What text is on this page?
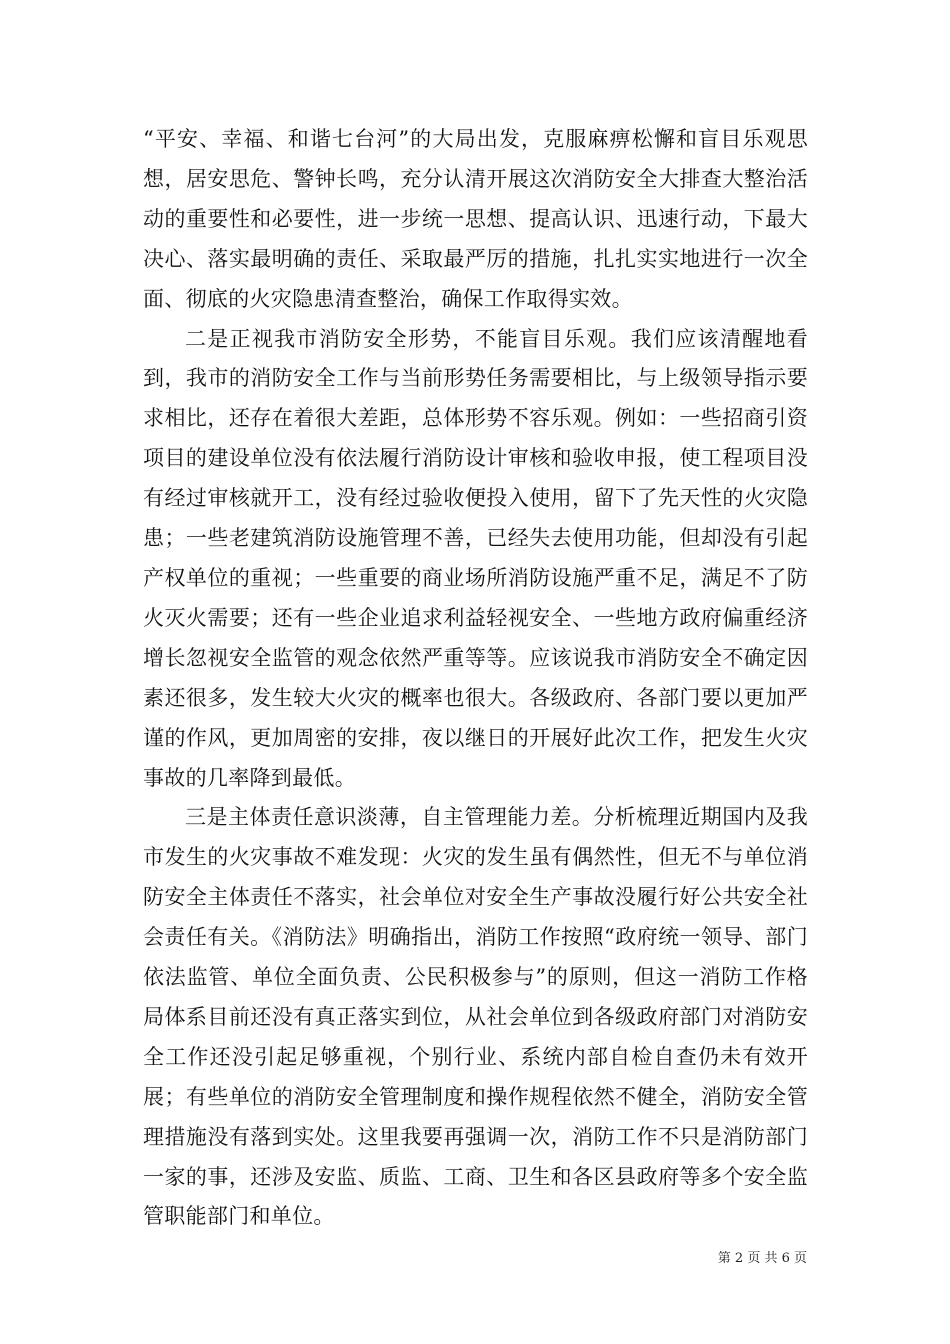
“平安、幸福、和谐七台河”的大局出发，克服麻痹松懈和盲目乐观思想，居安思危、警钟长鸣，充分认清开展这次消防安全大排查大整治活动的重要性和必要性，进一步统一思想、提高认识、迅速行动，下最大决心、落实最明确的责任、采取最严厉的措施，扎扎实实地进行一次全面、彻底的火灾隐患清查整治，确保工作取得实效。

二是正视我市消防安全形势，不能盲目乐观。我们应该清醒地看到，我市的消防安全工作与当前形势任务需要相比，与上级领导指示要求相比，还存在着很大差距，总体形势不容乐观。例如：一些招商引资项目的建设单位没有依法履行消防设计审核和验收申报，使工程项目没有经过审核就开工，没有经过验收便投入使用，留下了先天性的火灾隐患；一些老建筑消防设施管理不善，已经失去使用功能，但却没有引起产权单位的重视；一些重要的商业场所消防设施严重不足，满足不了防火灭火需要；还有一些企业追求利益轻视安全、一些地方政府偏重经济增长忽视安全监管的观念依然严重等等。应该说我市消防安全不确定因素还很多，发生较大火灾的概率也很大。各级政府、各部门要以更加严谨的作风，更加周密的安排，夜以继日的开展好此次工作，把发生火灾事故的几率降到最低。

三是主体责任意识淡薄，自主管理能力差。分析梳理近期国内及我市发生的火灾事故不难发现：火灾的发生虽有偶然性，但无不与单位消防安全主体责任不落实，社会单位对安全生产事故没履行好公共安全社会责任有关。《消防法》明确指出，消防工作按照“政府统一领导、部门依法监管、单位全面负责、公民积极参与”的原则，但这一消防工作格局体系目前还没有真正落实到位，从社会单位到各级政府部门对消防安全工作还没引起足够重视，个别行业、系统内部自检自查仍未有效开展；有些单位的消防安全管理制度和操作规程依然不健全，消防安全管理措施没有落到实处。这里我要再强调一次，消防工作不只是消防部门一家的事，还涉及安监、质监、工商、卫生和各区县政府等多个安全监管职能部门和单位。

第 2 页 共 6 页
